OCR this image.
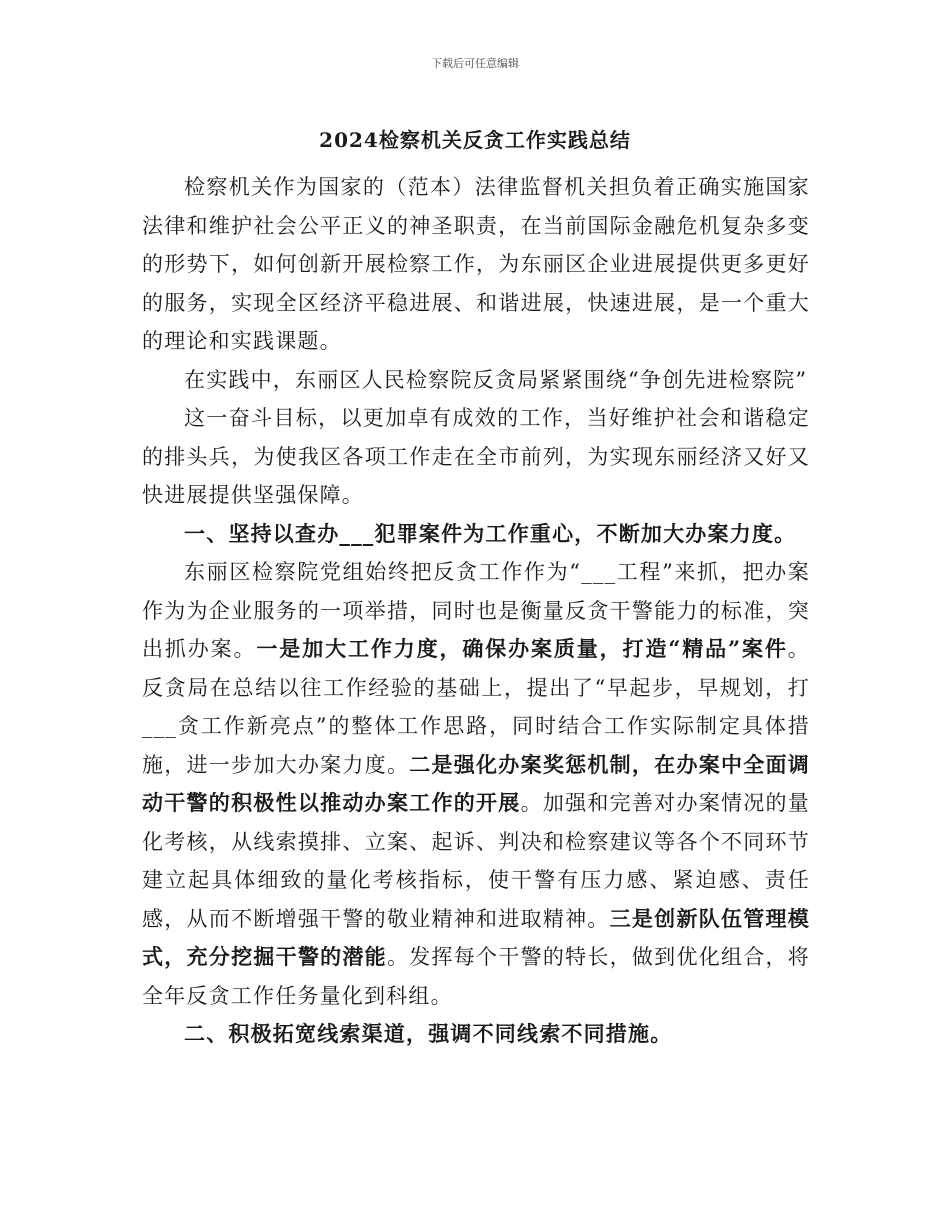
下载后可任意编辑
2024检察机关反贪工作实践总结

检察机关作为国家的（范本）法律监督机关担负着正确实施国家法律和维护社会公平正义的神圣职责，在当前国际金融危机复杂多变的形势下，如何创新开展检察工作，为东丽区企业进展提供更多更好的服务，实现全区经济平稳进展、和谐进展，快速进展，是一个重大的理论和实践课题。

在实践中，东丽区人民检察院反贪局紧紧围绕“争创先进检察院”

这一奋斗目标，以更加卓有成效的工作，当好维护社会和谐稳定的排头兵，为使我区各项工作走在全市前列，为实现东丽经济又好又快进展提供坚强保障。

一、坚持以查办___犯罪案件为工作重心，不断加大办案力度。

东丽区检察院党组始终把反贪工作作为“___工程”来抓，把办案作为为企业服务的一项举措，同时也是衡量反贪干警能力的标准，突出抓办案。一是加大工作力度，确保办案质量，打造“精品”案件。反贪局在总结以往工作经验的基础上，提出了“早起步，早规划，打___贪工作新亮点”的整体工作思路，同时结合工作实际制定具体措施，进一步加大办案力度。二是强化办案奖惩机制，在办案中全面调动干警的积极性以推动办案工作的开展。加强和完善对办案情况的量化考核，从线索摸排、立案、起诉、判决和检察建议等各个不同环节建立起具体细致的量化考核指标，使干警有压力感、紧迫感、责任感，从而不断增强干警的敬业精神和进取精神。三是创新队伍管理模式，充分挖掘干警的潜能。发挥每个干警的特长，做到优化组合，将全年反贪工作任务量化到科组。

二、积极拓宽线索渠道，强调不同线索不同措施。
